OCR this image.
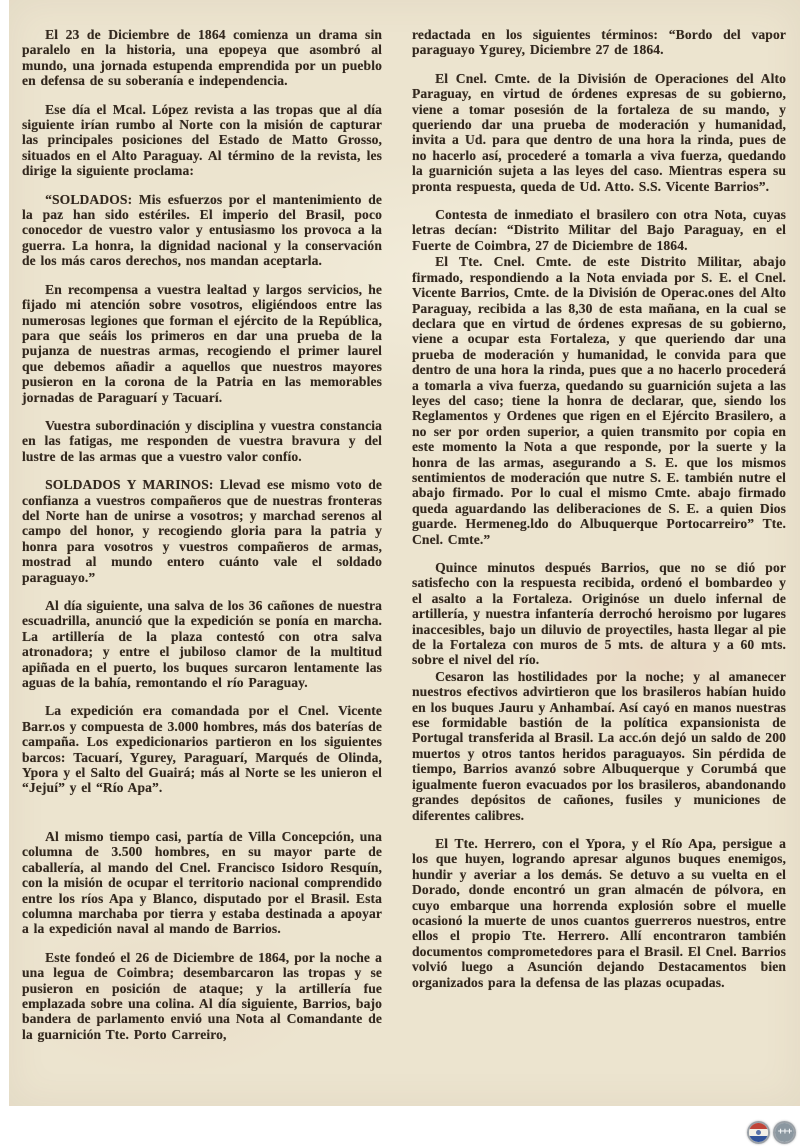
El 23 de Diciembre de 1864 comienza un drama sin paralelo en la historia, una epopeya que asombró al mundo, una jornada estupenda emprendida por un pueblo en defensa de su soberanía e independencia.

Ese día el Mcal. López revista a las tropas que al día siguiente irían rumbo al Norte con la misión de capturar las principales posiciones del Estado de Matto Grosso, situados en el Alto Paraguay. Al término de la revista, les dirige la siguiente proclama:

“SOLDADOS: Mis esfuerzos por el mantenimiento de la paz han sido estériles. El imperio del Brasil, poco conocedor de vuestro valor y entusiasmo los provoca a la guerra. La honra, la dignidad nacional y la conservación de los más caros derechos, nos mandan aceptarla.

En recompensa a vuestra lealtad y largos servicios, he fijado mi atención sobre vosotros, eligiéndoos entre las numerosas legiones que forman el ejército de la República, para que seáis los primeros en dar una prueba de la pujanza de nuestras armas, recogiendo el primer laurel que debemos añadir a aquellos que nuestros mayores pusieron en la corona de la Patria en las memorables jornadas de Paraguarí y Tacuarí.

Vuestra subordinación y disciplina y vuestra constancia en las fatigas, me responden de vuestra bravura y del lustre de las armas que a vuestro valor confío.

SOLDADOS Y MARINOS: Llevad ese mismo voto de confianza a vuestros compañeros que de nuestras fronteras del Norte han de unirse a vosotros; y marchad serenos al campo del honor, y recogiendo gloria para la patria y honra para vosotros y vuestros compañeros de armas, mostrad al mundo entero cuánto vale el soldado paraguayo.”

Al día siguiente, una salva de los 36 cañones de nuestra escuadrilla, anunció que la expedición se ponía en marcha. La artillería de la plaza contestó con otra salva atronadora; y entre el jubiloso clamor de la multitud apiñada en el puerto, los buques surcaron lentamente las aguas de la bahía, remontando el río Paraguay.

La expedición era comandada por el Cnel. Vicente Barr.os y compuesta de 3.000 hombres, más dos baterías de campaña. Los expedicionarios partieron en los siguientes barcos: Tacuarí, Ygurey, Paraguarí, Marqués de Olinda, Ypora y el Salto del Guairá; más al Norte se les unieron el “Jejuí” y el “Río Apa”.

Al mismo tiempo casi, partía de Villa Concepción, una columna de 3.500 hombres, en su mayor parte de caballería, al mando del Cnel. Francisco Isidoro Resquín, con la misión de ocupar el territorio nacional comprendido entre los ríos Apa y Blanco, disputado por el Brasil. Esta columna marchaba por tierra y estaba destinada a apoyar a la expedición naval al mando de Barrios.

Este fondeó el 26 de Diciembre de 1864, por la noche a una legua de Coimbra; desembarcaron las tropas y se pusieron en posición de ataque; y la artillería fue emplazada sobre una colina. Al día siguiente, Barrios, bajo bandera de parlamento envió una Nota al Comandante de la guarnición Tte. Porto Carreiro,

redactada en los siguientes términos: “Bordo del vapor paraguayo Ygurey, Diciembre 27 de 1864.

El Cnel. Cmte. de la División de Operaciones del Alto Paraguay, en virtud de órdenes expresas de su gobierno, viene a tomar posesión de la fortaleza de su mando, y queriendo dar una prueba de moderación y humanidad, invita a Ud. para que dentro de una hora la rinda, pues de no hacerlo así, procederé a tomarla a viva fuerza, quedando la guarnición sujeta a las leyes del caso. Mientras espera su pronta respuesta, queda de Ud. Atto. S.S. Vicente Barrios”.

Contesta de inmediato el brasilero con otra Nota, cuyas letras decían: “Distrito Militar del Bajo Paraguay, en el Fuerte de Coimbra, 27 de Diciembre de 1864.

El Tte. Cnel. Cmte. de este Distrito Militar, abajo firmado, respondiendo a la Nota enviada por S. E. el Cnel. Vicente Barrios, Cmte. de la División de Operac.ones del Alto Paraguay, recibida a las 8,30 de esta mañana, en la cual se declara que en virtud de órdenes expresas de su gobierno, viene a ocupar esta Fortaleza, y que queriendo dar una prueba de moderación y humanidad, le convida para que dentro de una hora la rinda, pues que a no hacerlo procederá a tomarla a viva fuerza, quedando su guarnición sujeta a las leyes del caso; tiene la honra de declarar, que, siendo los Reglamentos y Ordenes que rigen en el Ejército Brasilero, a no ser por orden superior, a quien transmito por copia en este momento la Nota a que responde, por la suerte y la honra de las armas, asegurando a S. E. que los mismos sentimientos de moderación que nutre S. E. también nutre el abajo firmado. Por lo cual el mismo Cmte. abajo firmado queda aguardando las deliberaciones de S. E. a quien Dios guarde. Hermeneg.ldo do Albuquerque Portocarreiro” Tte. Cnel. Cmte.”

Quince minutos después Barrios, que no se dió por satisfecho con la respuesta recibida, ordenó el bombardeo y el asalto a la Fortaleza. Originóse un duelo infernal de artillería, y nuestra infantería derrochó heroismo por lugares inaccesibles, bajo un diluvio de proyectiles, hasta llegar al pie de la Fortaleza con muros de 5 mts. de altura y a 60 mts. sobre el nivel del río.

Cesaron las hostilidades por la noche; y al amanecer nuestros efectivos advirtieron que los brasileros habían huido en los buques Jauru y Anhambaí. Así cayó en manos nuestras ese formidable bastión de la política expansionista de Portugal transferida al Brasil. La acc.ón dejó un saldo de 200 muertos y otros tantos heridos paraguayos. Sin pérdida de tiempo, Barrios avanzó sobre Albuquerque y Corumbá que igualmente fueron evacuados por los brasileros, abandonando grandes depósitos de cañones, fusiles y municiones de diferentes calibres.

El Tte. Herrero, con el Ypora, y el Río Apa, persigue a los que huyen, logrando apresar algunos buques enemigos, hundir y averiar a los demás. Se detuvo a su vuelta en el Dorado, donde encontró un gran almacén de pólvora, en cuyo embarque una horrenda explosión sobre el muelle ocasionó la muerte de unos cuantos guerreros nuestros, entre ellos el propio Tte. Herrero. Allí encontraron también documentos comprometedores para el Brasil. El Cnel. Barrios volvió luego a Asunción dejando Destacamentos bien organizados para la defensa de las plazas ocupadas.

+++
